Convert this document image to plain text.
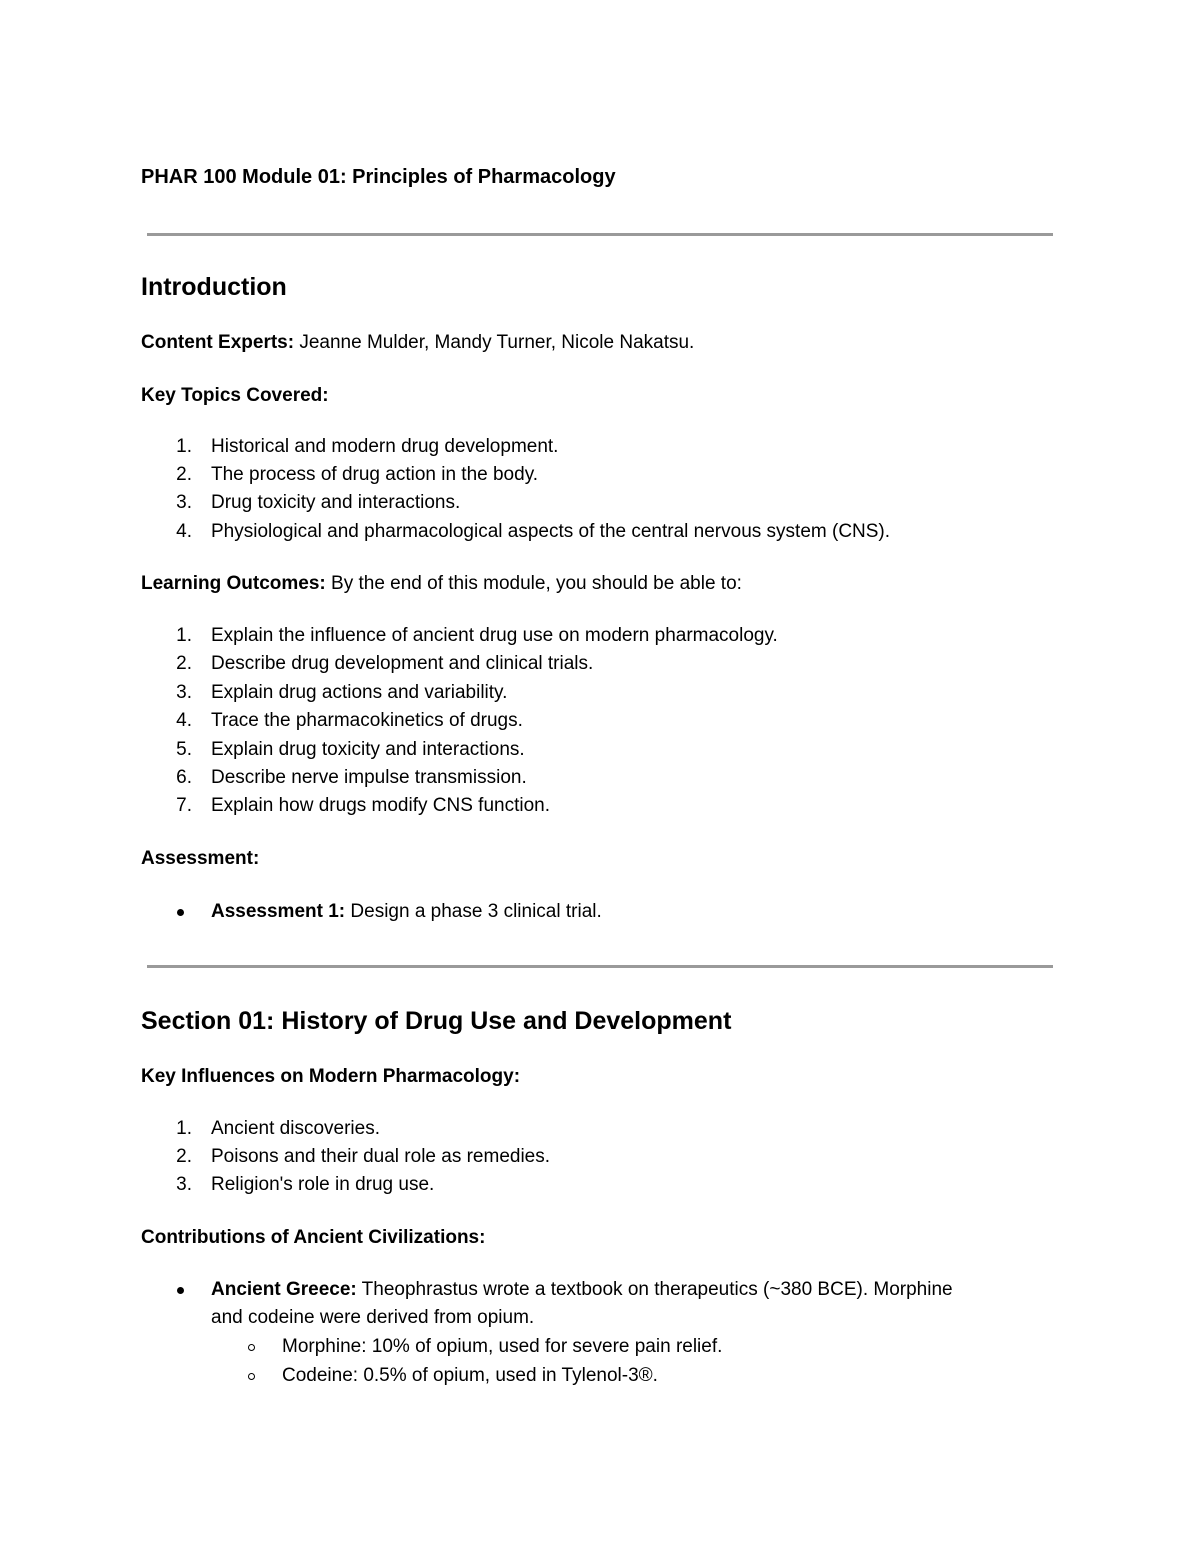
PHAR 100 Module 01: Principles of Pharmacology
Introduction
Content Experts: Jeanne Mulder, Mandy Turner, Nicole Nakatsu.
Key Topics Covered:
1. Historical and modern drug development.
2. The process of drug action in the body.
3. Drug toxicity and interactions.
4. Physiological and pharmacological aspects of the central nervous system (CNS).
Learning Outcomes: By the end of this module, you should be able to:
1. Explain the influence of ancient drug use on modern pharmacology.
2. Describe drug development and clinical trials.
3. Explain drug actions and variability.
4. Trace the pharmacokinetics of drugs.
5. Explain drug toxicity and interactions.
6. Describe nerve impulse transmission.
7. Explain how drugs modify CNS function.
Assessment:
Assessment 1: Design a phase 3 clinical trial.
Section 01: History of Drug Use and Development
Key Influences on Modern Pharmacology:
1. Ancient discoveries.
2. Poisons and their dual role as remedies.
3. Religion's role in drug use.
Contributions of Ancient Civilizations:
Ancient Greece: Theophrastus wrote a textbook on therapeutics (~380 BCE). Morphine
and codeine were derived from opium.
Morphine: 10% of opium, used for severe pain relief.
Codeine: 0.5% of opium, used in Tylenol-3®.
